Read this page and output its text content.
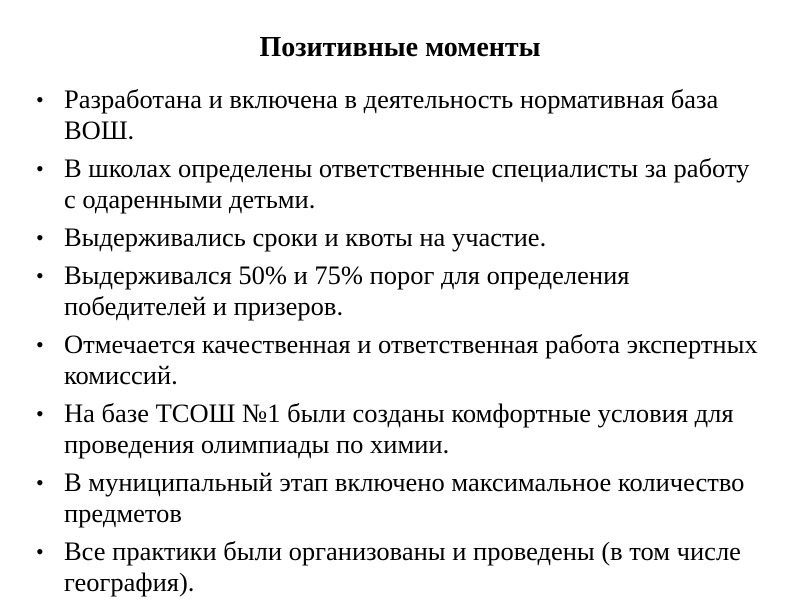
Позитивные моменты
• Разработана и включена в деятельность нормативная база ВОШ.
• В школах определены ответственные специалисты за работу с одаренными детьми.
• Выдерживались сроки и квоты на участие.
• Выдерживался 50% и 75% порог для определения победителей и призеров.
• Отмечается качественная и ответственная работа экспертных комиссий.
• На базе ТСОШ №1 были созданы комфортные условия для проведения олимпиады по химии.
• В муниципальный этап включено максимальное количество предметов
• Все практики были организованы и проведены (в том числе география).
